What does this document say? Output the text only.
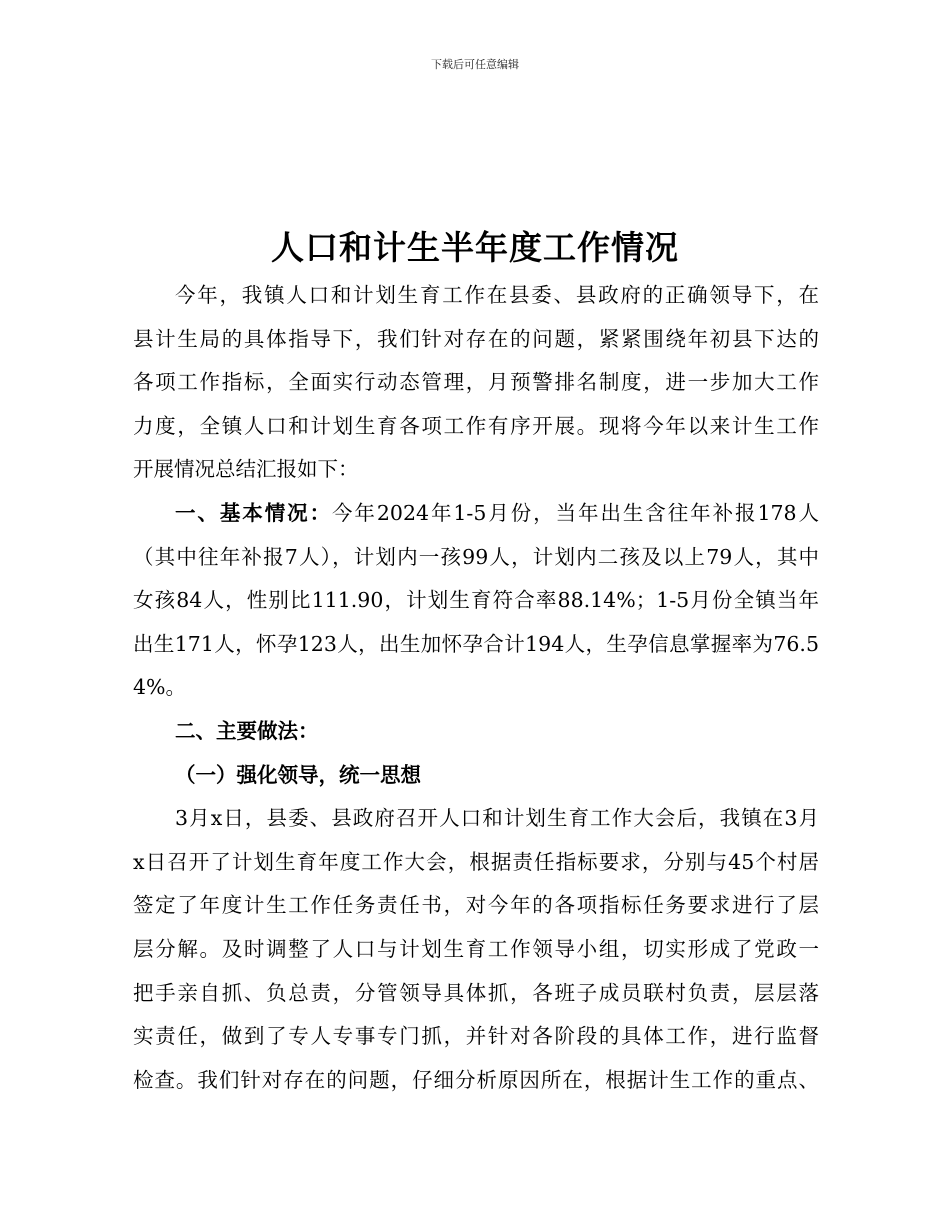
下载后可任意编辑
人口和计生半年度工作情况
今年，我镇人口和计划生育工作在县委、县政府的正确领导下，在
县计生局的具体指导下，我们针对存在的问题，紧紧围绕年初县下达的
各项工作指标，全面实行动态管理，月预警排名制度，进一步加大工作
力度，全镇人口和计划生育各项工作有序开展。现将今年以来计生工作
开展情况总结汇报如下：
一、基本情况：今年2024年1-5月份，当年出生含往年补报178人
（其中往年补报7人），计划内一孩99人，计划内二孩及以上79人，其中
女孩84人，性别比111.90，计划生育符合率88.14%；1-5月份全镇当年
出生171人，怀孕123人，出生加怀孕合计194人，生孕信息掌握率为76.5
4%。
二、主要做法：
（一）强化领导，统一思想
3月x日，县委、县政府召开人口和计划生育工作大会后，我镇在3月
x日召开了计划生育年度工作大会，根据责任指标要求，分别与45个村居
签定了年度计生工作任务责任书，对今年的各项指标任务要求进行了层
层分解。及时调整了人口与计划生育工作领导小组，切实形成了党政一
把手亲自抓、负总责，分管领导具体抓，各班子成员联村负责，层层落
实责任，做到了专人专事专门抓，并针对各阶段的具体工作，进行监督
检查。我们针对存在的问题，仔细分析原因所在，根据计生工作的重点、
